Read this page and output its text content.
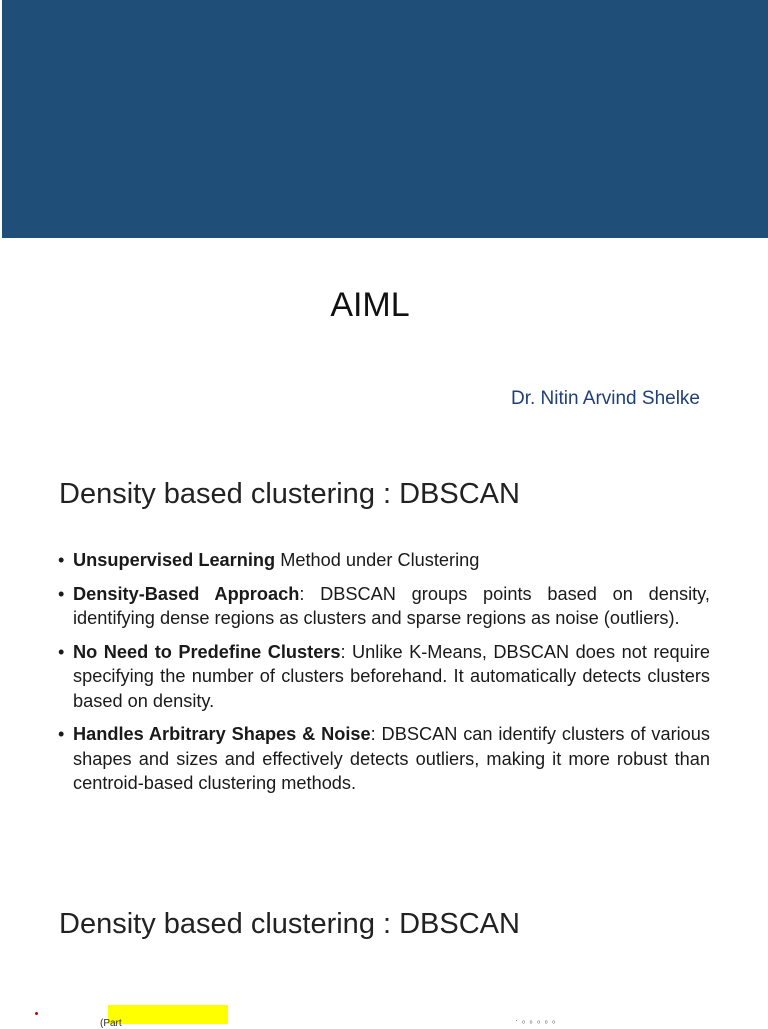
AIML
Dr. Nitin Arvind Shelke
Density based clustering : DBSCAN
• Unsupervised Learning Method under Clustering
• Density-Based Approach: DBSCAN groups points based on density, identifying dense regions as clusters and sparse regions as noise (outliers).
• No Need to Predefine Clusters: Unlike K-Means, DBSCAN does not require specifying the number of clusters beforehand. It automatically detects clusters based on density.
• Handles Arbitrary Shapes & Noise: DBSCAN can identify clusters of various shapes and sizes and effectively detects outliers, making it more robust than centroid-based clustering methods.
Density based clustering : DBSCAN
(Part	· ₀ ₀ ₀ ₀ ₀
